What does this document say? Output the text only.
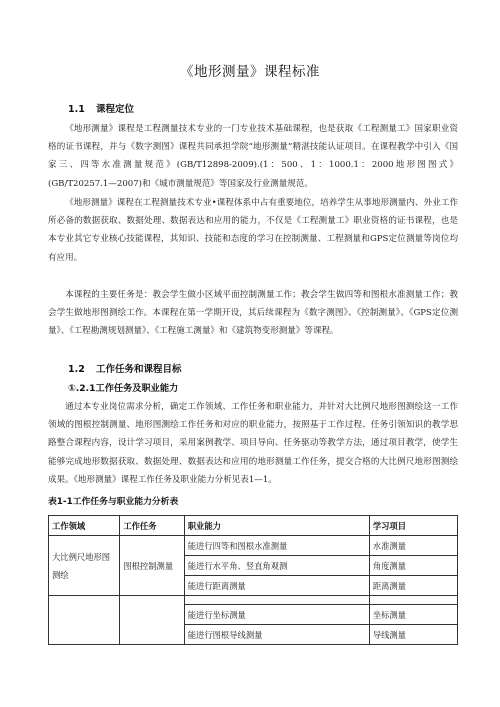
《地形测量》课程标准
1.1 课程定位
《地形测量》课程是工程测量技术专业的一门专业技术基础课程，也是获取《工程测量工》国家职业资格的证书课程，并与《数字测图》课程共同承担学院“地形测量”精湛技能认证项目。在课程教学中引入《国家三、四等水准测量规范》(GB/T12898-2009).(1：500、1：1000.1：2000地形图图式》(GB/T20257.1—2007)和《城市测量规范》等国家及行业测量规范。
《地形测量》课程在工程测量技术专业•课程体系中占有重要地位，培养学生从事地形测量内、外业工作所必备的数据获取、数据处理、数据表达和应用的能力，不仅是《工程测量工》职业资格的证书课程，也是本专业其它专业核心技能课程，其知识、技能和态度的学习在控制测量、工程测量和GPS定位测量等岗位均有应用。
本课程的主要任务是：教会学生做小区域平面控制测量工作；教会学生做四等和图根水准测量工作；教会学生做地形图测绘工作。本课程在第一学期开设，其后续课程为《数字测图》、《控制测量》、《GPS定位测量》、《工程勘测规划测量》、《工程施工测量》和《建筑物变形测量》等课程。
1.2 工作任务和课程目标
①.2.1工作任务及职业能力
通过本专业岗位需求分析，确定工作领域、工作任务和职业能力，并针对大比例尺地形图测绘这一工作领域的图根控制测量、地形图测绘工作任务和对应的职业能力，按照基于工作过程、任务引领知识的教学思路整合课程内容，设计学习项目，采用案例教学、项目导向、任务驱动等教学方法，通过项目教学，使学生能够完成地形数据获取、数据处理、数据表达和应用的地形测量工作任务，提交合格的大比例尺地形图测绘成果。《地形测量》课程工作任务及职业能力分析见表1—1。
表1-1工作任务与职业能力分析表
工作领域	工作任务	职业能力	学习项目
大比例尺地形图测绘	图根控制测量	能进行四等和图根水准测量	水准测量
		能进行水平角、竖直角观测	角度测量
		能进行距离测量	距离测量

		能进行坐标测量	坐标测量
		能进行图根导线测量	导线测量
